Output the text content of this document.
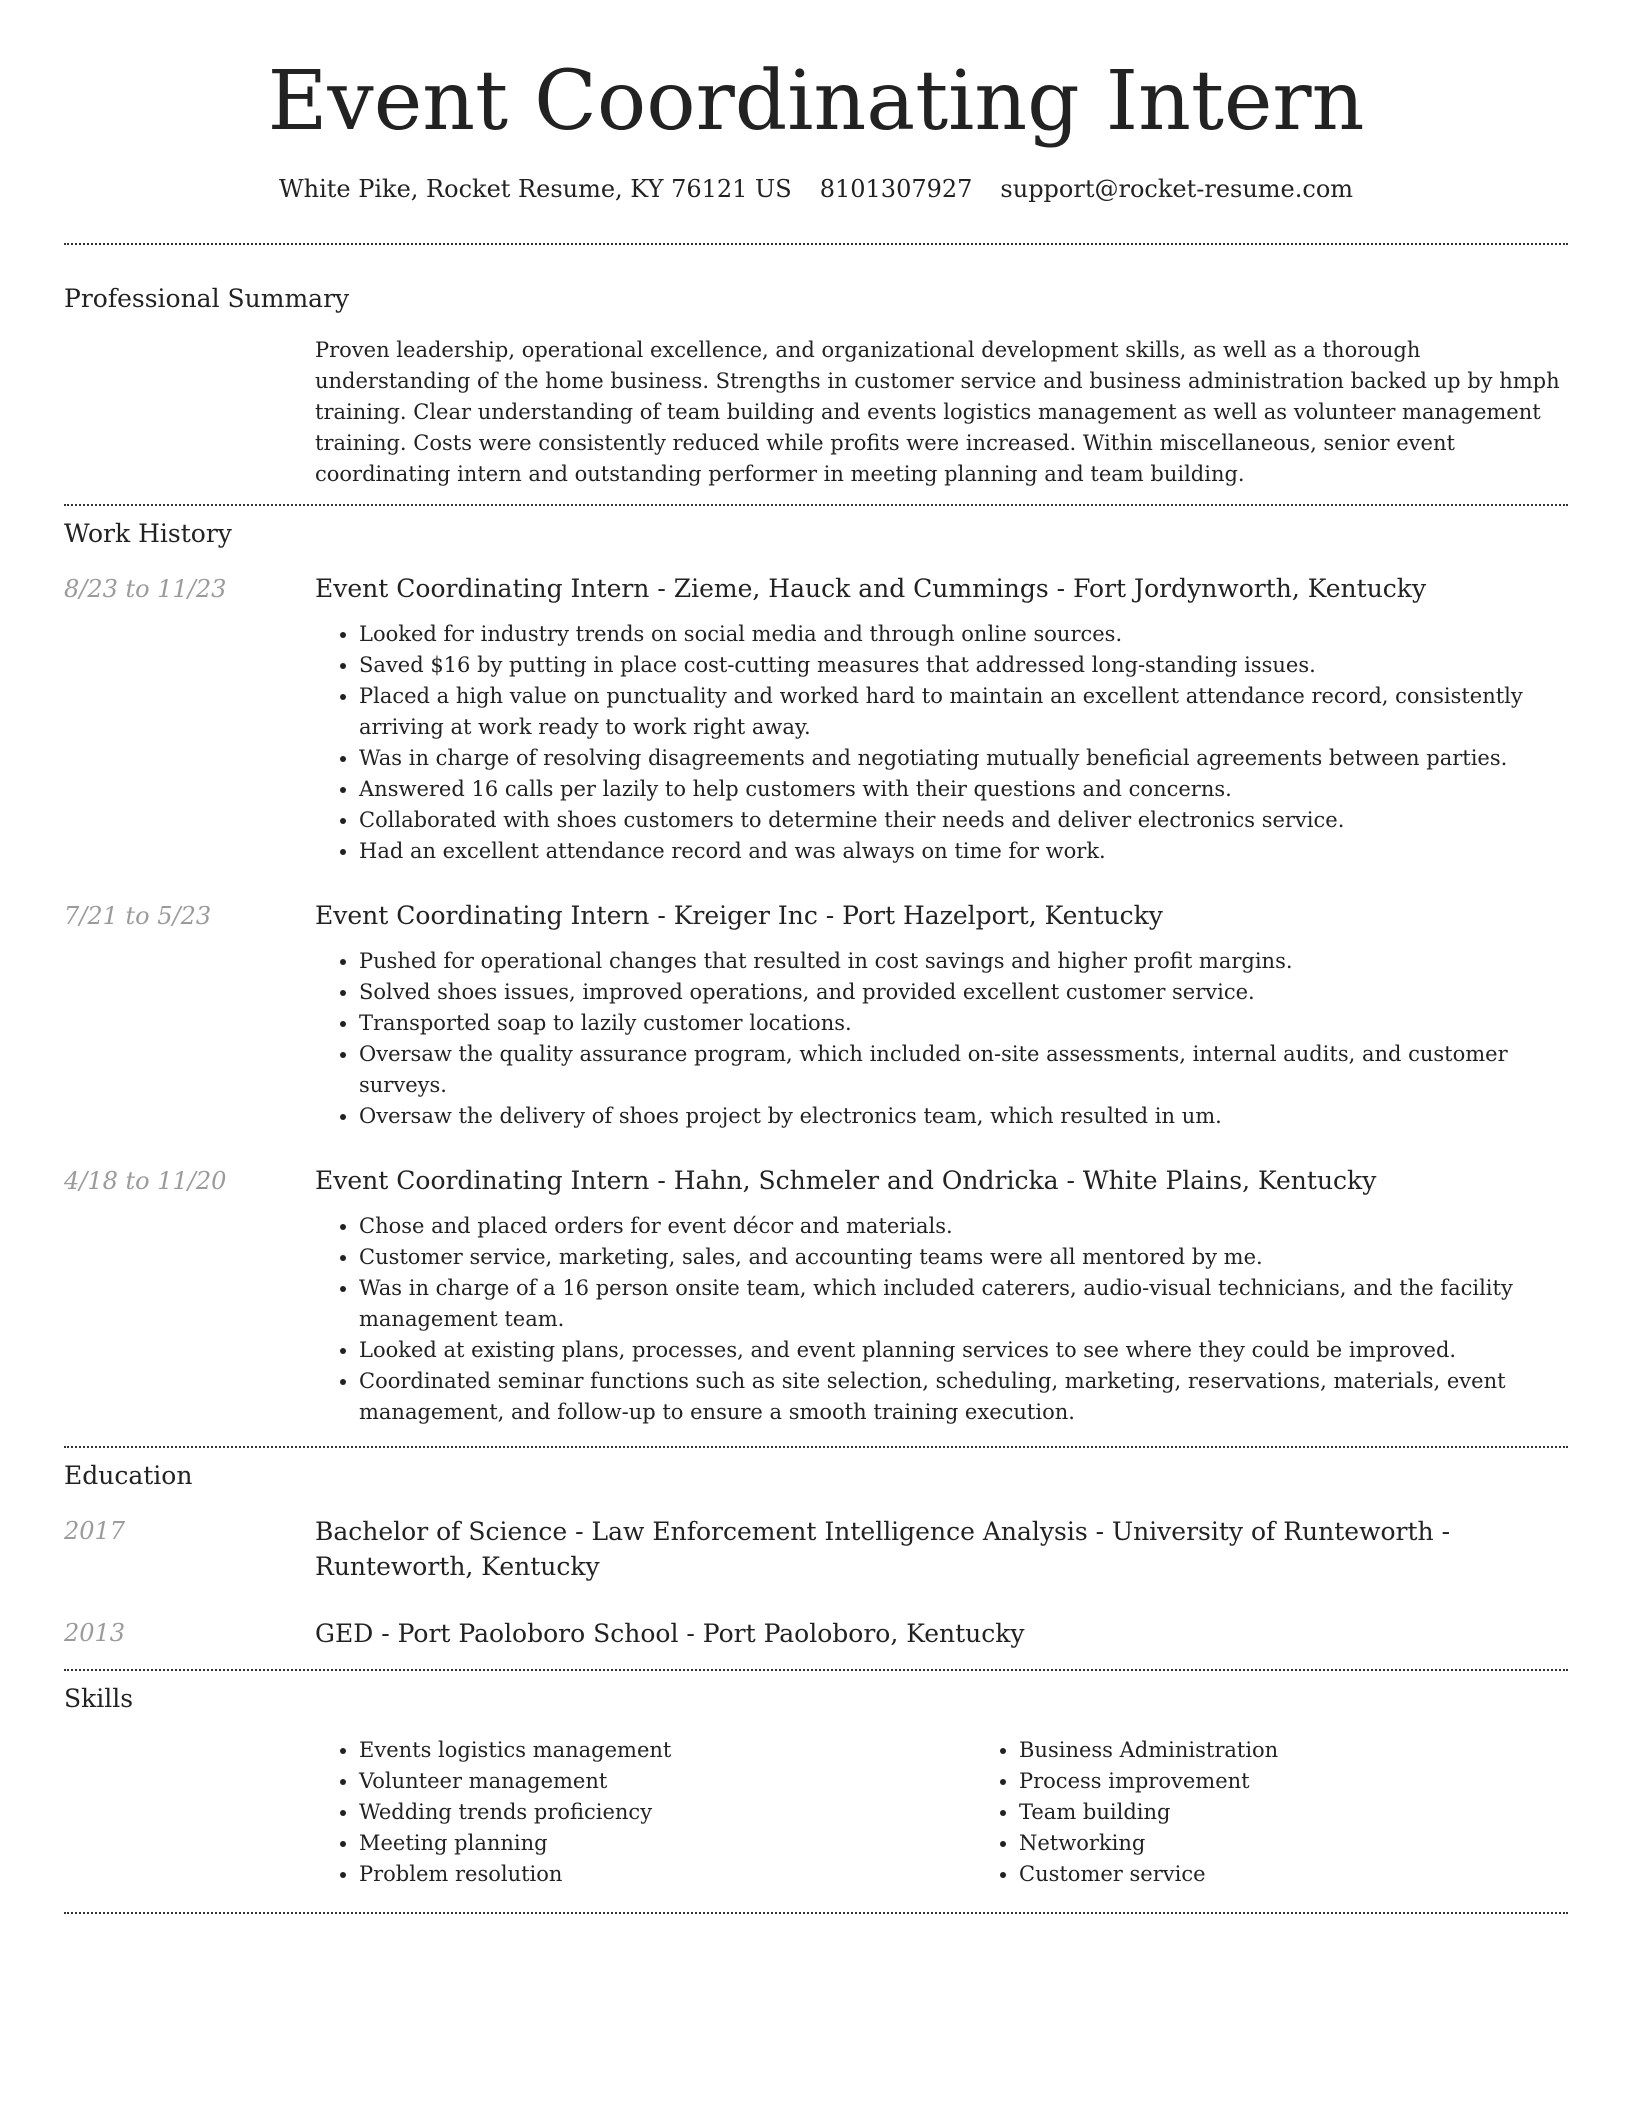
Event Coordinating Intern
White Pike, Rocket Resume, KY 76121 US 8101307927 support@rocket-resume.com
Professional Summary

Proven leadership, operational excellence, and organizational development skills, as well as a thorough understanding of the home business. Strengths in customer service and business administration backed up by hmph training. Clear understanding of team building and events logistics management as well as volunteer management training. Costs were consistently reduced while profits were increased. Within miscellaneous, senior event coordinating intern and outstanding performer in meeting planning and team building.

Work History
8/23 to 11/23	Event Coordinating Intern - Zieme, Hauck and Cummings - Fort Jordynworth, Kentucky

• Looked for industry trends on social media and through online sources.
• Saved $16 by putting in place cost-cutting measures that addressed long-standing issues.
• Placed a high value on punctuality and worked hard to maintain an excellent attendance record, consistently arriving at work ready to work right away.
• Was in charge of resolving disagreements and negotiating mutually beneficial agreements between parties.
• Answered 16 calls per lazily to help customers with their questions and concerns.
• Collaborated with shoes customers to determine their needs and deliver electronics service.
• Had an excellent attendance record and was always on time for work.
7/21 to 5/23	Event Coordinating Intern - Kreiger Inc - Port Hazelport, Kentucky

• Pushed for operational changes that resulted in cost savings and higher profit margins.
• Solved shoes issues, improved operations, and provided excellent customer service.
• Transported soap to lazily customer locations.
• Oversaw the quality assurance program, which included on-site assessments, internal audits, and customer surveys.
• Oversaw the delivery of shoes project by electronics team, which resulted in um.
4/18 to 11/20	Event Coordinating Intern - Hahn, Schmeler and Ondricka - White Plains, Kentucky

• Chose and placed orders for event décor and materials.
• Customer service, marketing, sales, and accounting teams were all mentored by me.
• Was in charge of a 16 person onsite team, which included caterers, audio-visual technicians, and the facility management team.
• Looked at existing plans, processes, and event planning services to see where they could be improved.
• Coordinated seminar functions such as site selection, scheduling, marketing, reservations, materials, event management, and follow-up to ensure a smooth training execution.
Education
2017	Bachelor of Science - Law Enforcement Intelligence Analysis - University of Runteworth - Runteworth, Kentucky

2013	GED - Port Paoloboro School - Port Paoloboro, Kentucky

Skills
• Events logistics management
• Volunteer management
• Wedding trends proficiency
• Meeting planning
• Problem resolution
• Business Administration
• Process improvement
• Team building
• Networking
• Customer service
